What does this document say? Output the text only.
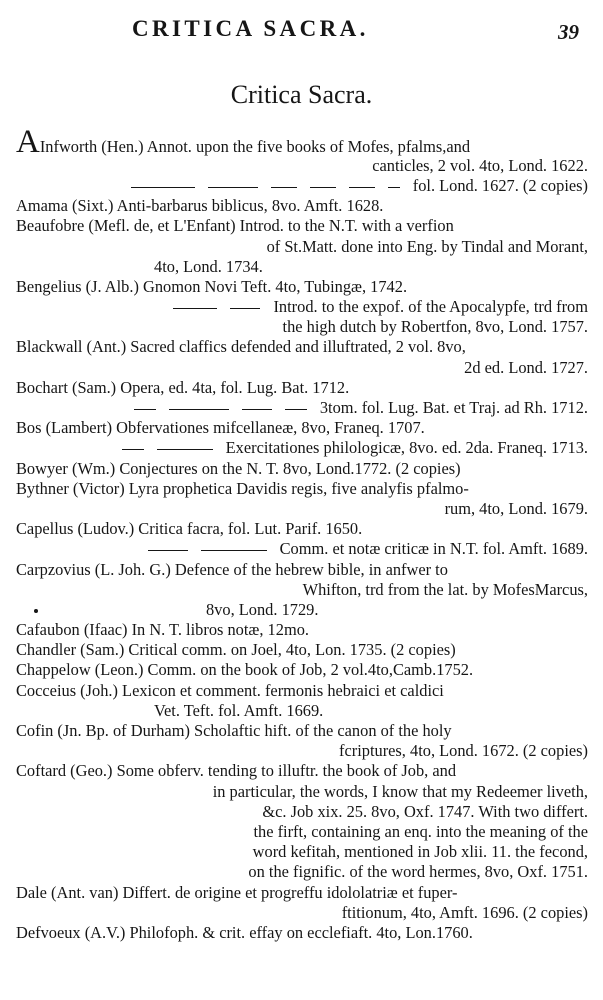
CRITICA SACRA.	39
Critica Sacra.
AInfworth (Hen.) Annot. upon the five books of Mofes, pfalms,and
canticles, 2 vol. 4to, Lond. 1622.
fol. Lond. 1627. (2 copies)
Amama (Sixt.) Anti-barbarus biblicus, 8vo. Amft. 1628.
Beaufobre (Mefl. de, et L'Enfant) Introd. to the N.T. with a verfion
of St.Matt. done into Eng. by Tindal and Morant,
4to, Lond. 1734.
Bengelius (J. Alb.) Gnomon Novi Teft. 4to, Tubingæ, 1742.
Introd. to the expof. of the Apocalypfe, trd from
the high dutch by Robertfon, 8vo, Lond. 1757.
Blackwall (Ant.) Sacred claffics defended and illuftrated, 2 vol. 8vo,
2d ed. Lond. 1727.
Bochart (Sam.) Opera, ed. 4ta, fol. Lug. Bat. 1712.
3tom. fol. Lug. Bat. et Traj. ad Rh. 1712.
Bos (Lambert) Obfervationes mifcellaneæ, 8vo, Franeq. 1707.
Exercitationes philologicæ, 8vo. ed. 2da. Franeq. 1713.
Bowyer (Wm.) Conjectures on the N. T. 8vo, Lond.1772. (2 copies)
Bythner (Victor) Lyra prophetica Davidis regis, five analyfis pfalmo-
rum, 4to, Lond. 1679.
Capellus (Ludov.) Critica facra, fol. Lut. Parif. 1650.
Comm. et notæ criticæ in N.T. fol. Amft. 1689.
Carpzovius (L. Joh. G.) Defence of the hebrew bible, in anfwer to
Whifton, trd from the lat. by MofesMarcus,
8vo, Lond. 1729.
Cafaubon (Ifaac) In N. T. libros notæ, 12mo.
Chandler (Sam.) Critical comm. on Joel, 4to, Lon. 1735. (2 copies)
Chappelow (Leon.) Comm. on the book of Job, 2 vol.4to,Camb.1752.
Cocceius (Joh.) Lexicon et comment. fermonis hebraici et caldici
Vet. Teft. fol. Amft. 1669.
Cofin (Jn. Bp. of Durham) Scholaftic hift. of the canon of the holy
fcriptures, 4to, Lond. 1672. (2 copies)
Coftard (Geo.) Some obferv. tending to illuftr. the book of Job, and
in particular, the words, I know that my Redeemer liveth,
&c. Job xix. 25. 8vo, Oxf. 1747. With two differt.
the firft, containing an enq. into the meaning of the
word kefitah, mentioned in Job xlii. 11. the fecond,
on the fignific. of the word hermes, 8vo, Oxf. 1751.
Dale (Ant. van) Differt. de origine et progreffu idololatriæ et fuper-
ftitionum, 4to, Amft. 1696. (2 copies)
Defvoeux (A.V.) Philofoph. & crit. effay on ecclefiaft. 4to, Lon.1760.
